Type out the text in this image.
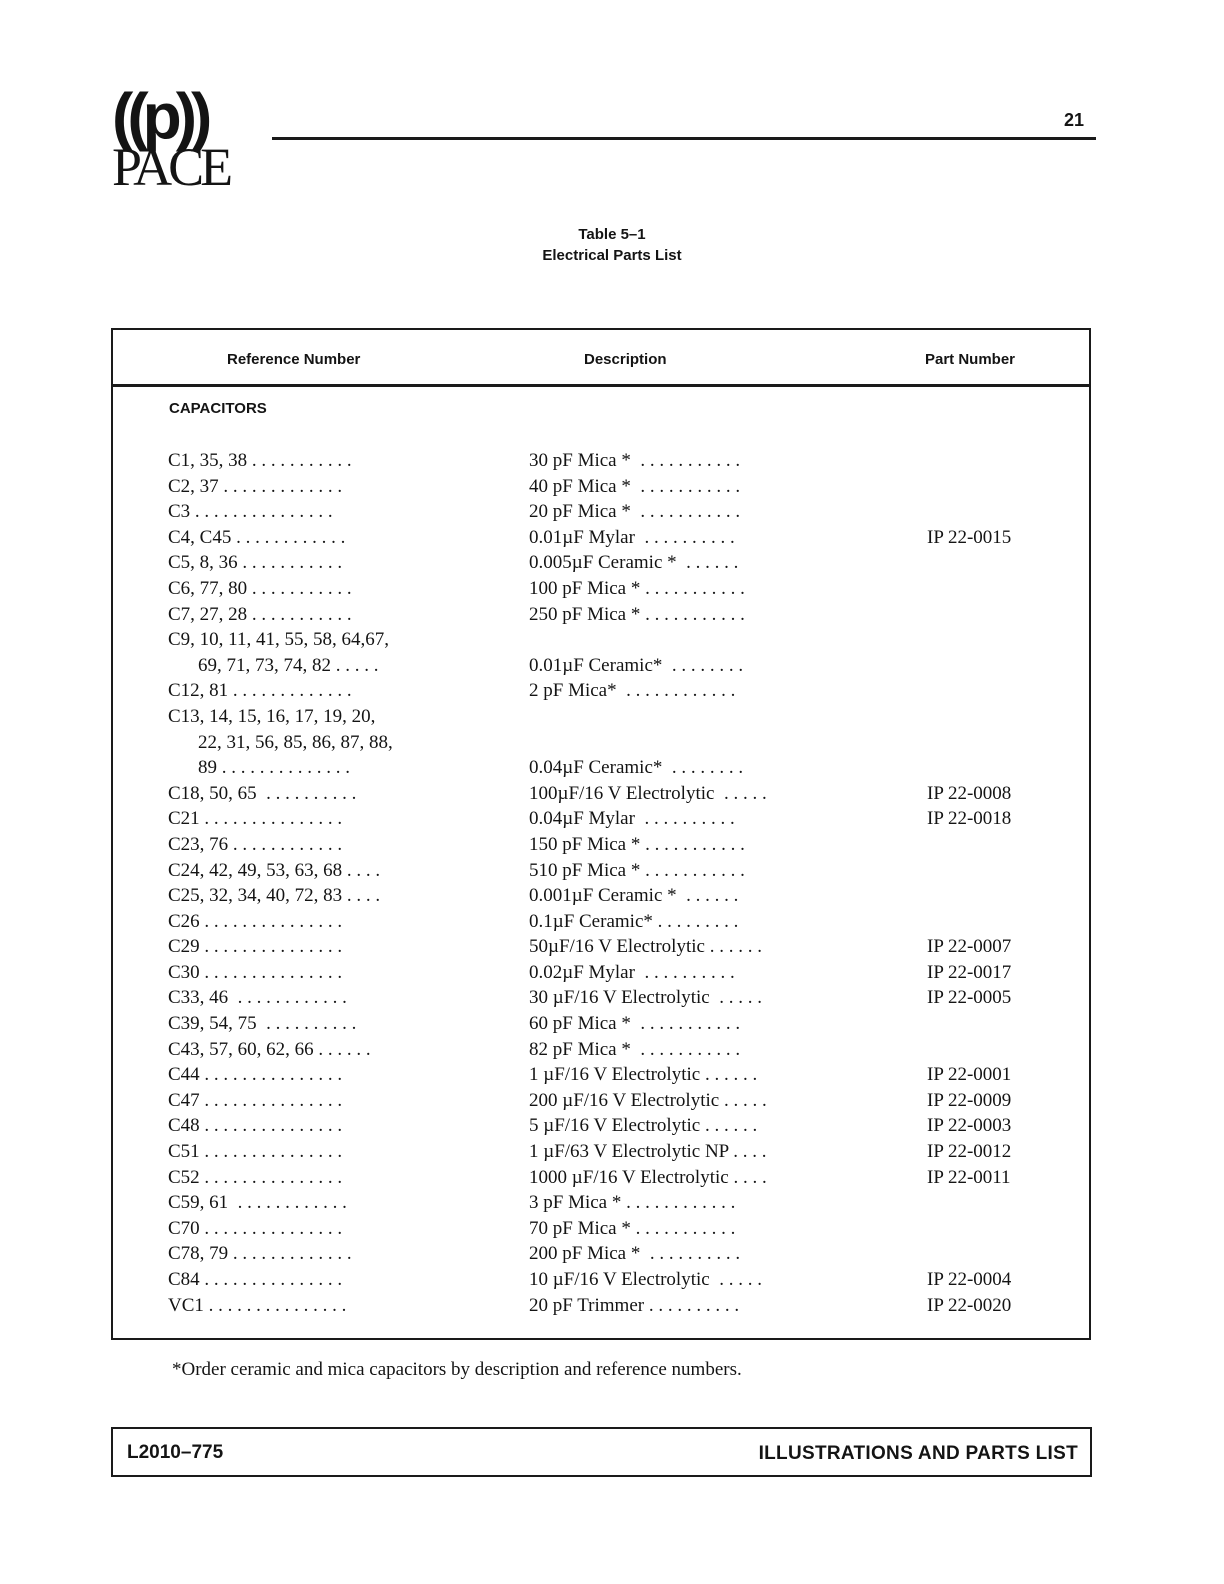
((p))
PACE
21
Table 5–1
Electrical Parts List
Reference Number	Description	Part Number
CAPACITORS
C1, 35, 38 . . . . . . . . . . .	30 pF Mica *  . . . . . . . . . . .
C2, 37 . . . . . . . . . . . . .	40 pF Mica *  . . . . . . . . . . .
C3 . . . . . . . . . . . . . . .	20 pF Mica *  . . . . . . . . . . .
C4, C45 . . . . . . . . . . . .	0.01µF Mylar  . . . . . . . . . .	IP 22-0015
C5, 8, 36 . . . . . . . . . . .	0.005µF Ceramic *  . . . . . .
C6, 77, 80 . . . . . . . . . . .	100 pF Mica * . . . . . . . . . . .
C7, 27, 28 . . . . . . . . . . .	250 pF Mica * . . . . . . . . . . .
C9, 10, 11, 41, 55, 58, 64,67,
69, 71, 73, 74, 82 . . . . .	0.01µF Ceramic*  . . . . . . . .
C12, 81 . . . . . . . . . . . . .	2 pF Mica*  . . . . . . . . . . . .
C13, 14, 15, 16, 17, 19, 20,
22, 31, 56, 85, 86, 87, 88,
89 . . . . . . . . . . . . . .	0.04µF Ceramic*  . . . . . . . .
C18, 50, 65  . . . . . . . . . .	100µF/16 V Electrolytic  . . . . .	IP 22-0008
C21 . . . . . . . . . . . . . . .	0.04µF Mylar  . . . . . . . . . .	IP 22-0018
C23, 76 . . . . . . . . . . . .	150 pF Mica * . . . . . . . . . . .
C24, 42, 49, 53, 63, 68 . . . .	510 pF Mica * . . . . . . . . . . .
C25, 32, 34, 40, 72, 83 . . . .	0.001µF Ceramic *  . . . . . .
C26 . . . . . . . . . . . . . . .	0.1µF Ceramic* . . . . . . . . .
C29 . . . . . . . . . . . . . . .	50µF/16 V Electrolytic . . . . . .	IP 22-0007
C30 . . . . . . . . . . . . . . .	0.02µF Mylar  . . . . . . . . . .	IP 22-0017
C33, 46  . . . . . . . . . . . .	30 µF/16 V Electrolytic  . . . . .	IP 22-0005
C39, 54, 75  . . . . . . . . . .	60 pF Mica *  . . . . . . . . . . .
C43, 57, 60, 62, 66 . . . . . .	82 pF Mica *  . . . . . . . . . . .
C44 . . . . . . . . . . . . . . .	1 µF/16 V Electrolytic . . . . . .	IP 22-0001
C47 . . . . . . . . . . . . . . .	200 µF/16 V Electrolytic . . . . .	IP 22-0009
C48 . . . . . . . . . . . . . . .	5 µF/16 V Electrolytic . . . . . .	IP 22-0003
C51 . . . . . . . . . . . . . . .	1 µF/63 V Electrolytic NP . . . .	IP 22-0012
C52 . . . . . . . . . . . . . . .	1000 µF/16 V Electrolytic . . . .	IP 22-0011
C59, 61  . . . . . . . . . . . .	3 pF Mica * . . . . . . . . . . . .
C70 . . . . . . . . . . . . . . .	70 pF Mica * . . . . . . . . . . .
C78, 79 . . . . . . . . . . . . .	200 pF Mica *  . . . . . . . . . .
C84 . . . . . . . . . . . . . . .	10 µF/16 V Electrolytic  . . . . .	IP 22-0004
VC1 . . . . . . . . . . . . . . .	20 pF Trimmer . . . . . . . . . .	IP 22-0020
*Order ceramic and mica capacitors by description and reference numbers.
L2010–775	ILLUSTRATIONS AND PARTS LIST
